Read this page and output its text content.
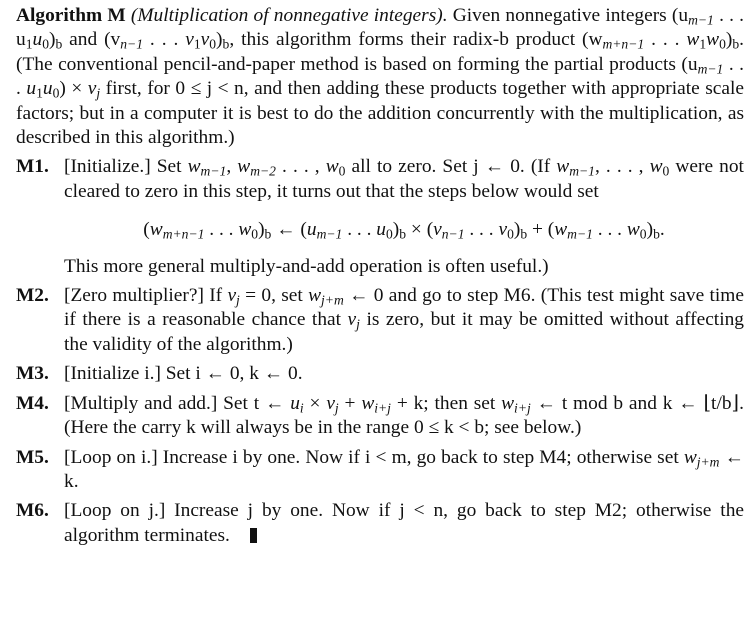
Algorithm M (Multiplication of nonnegative integers). Given nonnegative integers ($u_{m-1}$ . . . $u_1u_0)_b$ and ($v_{n-1}$ . . . $v_1v_0)_b$, this algorithm forms their radix-b product ($w_{m+n-1}$ . . . $w_1w_0)_b$. (The conventional pencil-and-paper method is based on forming the partial products ($u_{m-1}$ . . . $u_1u_0) \times v_j$ first, for 0 ≤ j < n, and then adding these products together with appropriate scale factors; but in a computer it is best to do the addition concurrently with the multiplication, as described in this algorithm.)

M1. [Initialize.] Set $w_{m-1}$, $w_{m-2}$ . . . , $w_0$ all to zero. Set j ← 0. (If $w_{m-1}$, . . . , $w_0$ were not cleared to zero in this step, it turns out that the steps below would set
($w_{m+n-1}$ . . . $w_0)_b$ ← ($u_{m-1}$ . . . $u_0)_b \times (v_{n-1}$ . . . $v_0)_b + (w_{m-1}$ . . . $w_0)_b$.
This more general multiply-and-add operation is often useful.)
M2. [Zero multiplier?] If $v_j = 0$, set $w_{j+m}$ ← 0 and go to step M6. (This test might save time if there is a reasonable chance that $v_j$ is zero, but it may be omitted without affecting the validity of the algorithm.)
M3. [Initialize i.] Set i ← 0, k ← 0.
M4. [Multiply and add.] Set t ← $u_i \times v_j + w_{i+j} + k$; then set $w_{i+j}$ ← t mod b and k ← ⌊t/b⌋. (Here the carry k will always be in the range 0 ≤ k < b; see below.)
M5. [Loop on i.] Increase i by one. Now if i < m, go back to step M4; otherwise set $w_{j+m}$ ← k.
M6. [Loop on j.] Increase j by one. Now if j < n, go back to step M2; otherwise the algorithm terminates.
